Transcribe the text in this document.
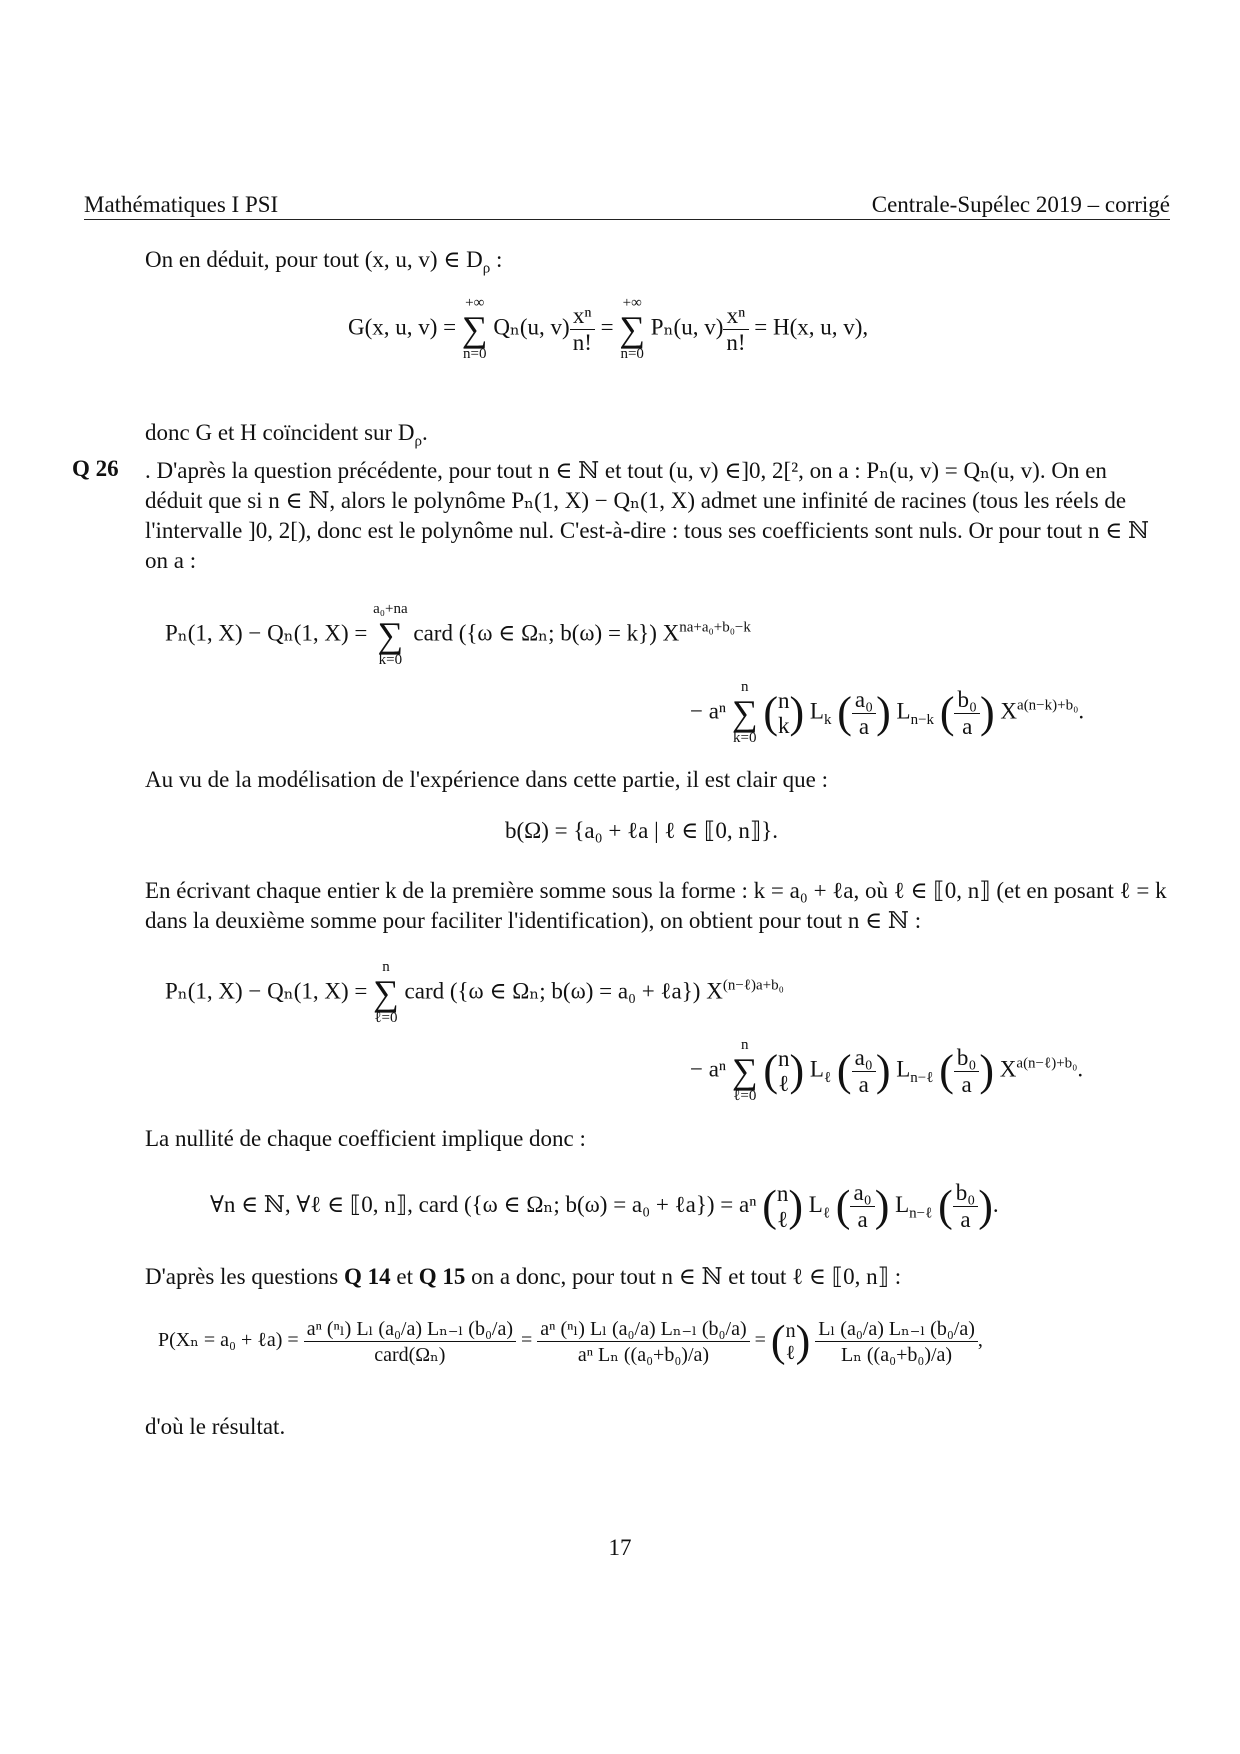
Mathématiques I PSI	Centrale-Supélec 2019 – corrigé
On en déduit, pour tout (x, u, v) ∈ $D_\rho$ :
G(x, u, v) =
+∞
∑
n=0
Qₙ(u, $v) \frac{\text{xⁿ}}{n!}$ =
+∞
∑
n=0
Pₙ(u, $v) \frac{\text{xⁿ}}{n!} = H(x$, u, v),
donc G et H coïncident sur $D_\rho$.
Q 26 . D'après la question précédente, pour tout n ∈ ℕ et tout (u, v) ∈]0, 2[², on a : Pₙ(u, v) = Qₙ(u, v). On en déduit que si n ∈ ℕ, alors le polynôme Pₙ(1, X) − Qₙ(1, X) admet une infinité de racines (tous les réels de l'intervalle ]0, 2[), donc est le polynôme nul. C'est-à-dire : tous ses coefficients sont nuls. Or pour tout n ∈ ℕ on a :
Pₙ(1, X) − Qₙ(1, X) =
a₀+na
∑
k=0
card ({ω ∈ Ωₙ; b(ω) = k}) $X^{na+a_0+b_0-k}$
− aⁿ
n
∑
k=0
( n
k ) $L_k$ ( $\frac{\text{a₀}}{a}$ ) $L_{n-k}$ ( $\frac{\text{b₀}}{a}$ ) $X^{a(n-k)+b_0}$.
Au vu de la modélisation de l'expérience dans cette partie, il est clair que :
b(Ω) = {a₀ + ℓa | ℓ ∈ ⟦0, n⟧}.
En écrivant chaque entier k de la première somme sous la forme : k = a₀ + ℓa, où ℓ ∈ ⟦0, n⟧ (et en posant ℓ = k dans la deuxième somme pour faciliter l'identification), on obtient pour tout n ∈ ℕ :
Pₙ(1, X) − Qₙ(1, X) =
n
∑
ℓ=0
card ({ω ∈ Ωₙ; b(ω) = a₀ + ℓa}) $X^{(n-\ell)a+b_0}$
− aⁿ
n
∑
ℓ=0
( n
ℓ ) $L_\ell$ ( $\frac{\text{a₀}}{a}$ ) $L_{n-\ell}$ ( $\frac{\text{b₀}}{a}$ ) $X^{a(n-\ell)+b_0}$.
La nullité de chaque coefficient implique donc :
∀n ∈ ℕ, ∀ℓ ∈ ⟦0, n⟧, card ({ω ∈ Ωₙ; b(ω) = a₀ + ℓa}) = aⁿ ( n
ℓ ) $L_\ell$ ( $\frac{\text{a₀}}{a}$ ) $L_{n-\ell}$ ( $\frac{\text{b₀}}{a}$ ).
D'après les questions Q 14 et Q 15 on a donc, pour tout n ∈ ℕ et tout ℓ ∈ ⟦0, n⟧ :
P(Xₙ = a₀ + ℓa) = $\frac{\text{aⁿ (ⁿₗ) Lₗ (a₀/a) Lₙ₋ₗ (b₀/a)}}{\text{card(Ωₙ)}} = \frac{\text{aⁿ (ⁿₗ) Lₗ (a₀/a) Lₙ₋ₗ (b₀/a)}}{\text{aⁿ Lₙ ((a₀+b₀)/a)}}$ = ( n
ℓ ) $\frac{\text{Lₗ (a₀/a) Lₙ₋ₗ (b₀/a)}}{\text{Lₙ ((a₀+b₀)/a)}}$ ,
d'où le résultat.
17
